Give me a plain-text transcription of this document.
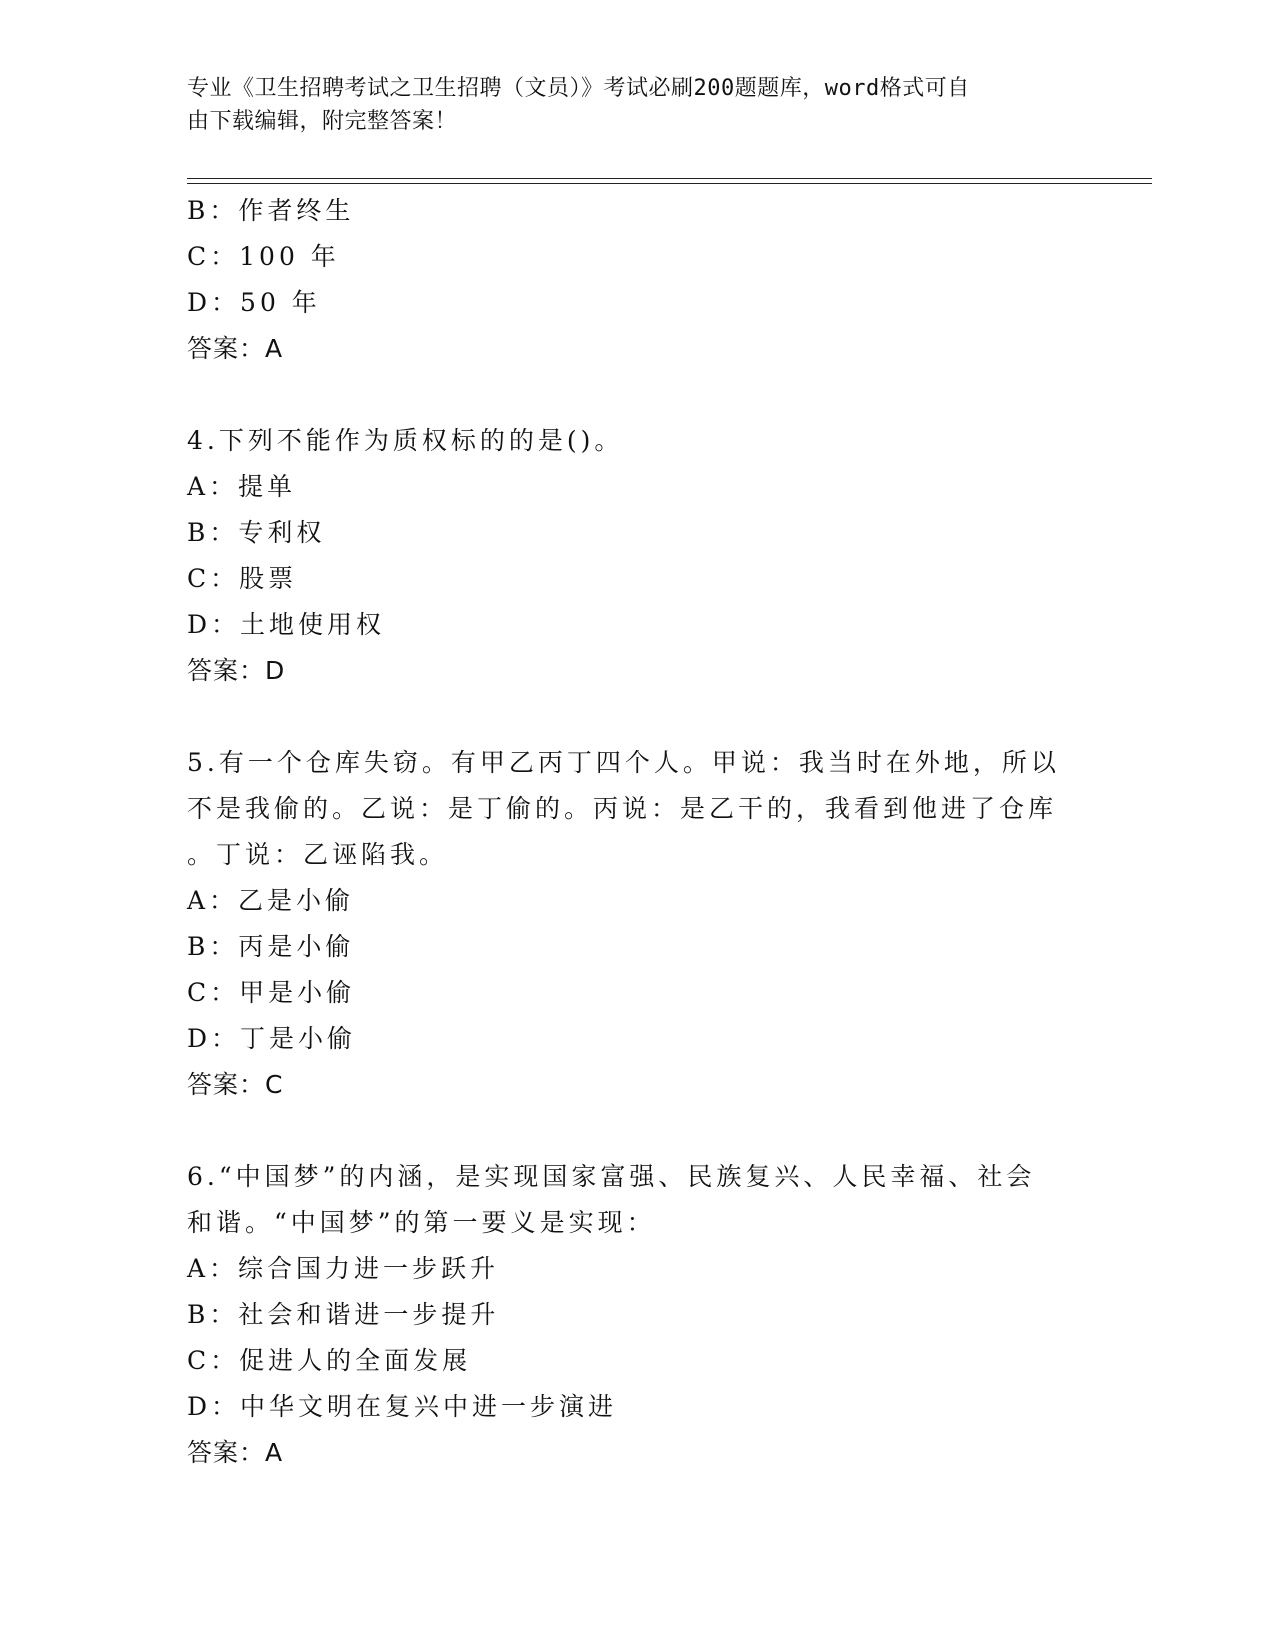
专业《卫生招聘考试之卫生招聘（文员）》考试必刷200题题库，word格式可自
由下载编辑，附完整答案！
B：作者终生
C：100 年
D：50 年
答案：A
4.下列不能作为质权标的的是()。
A：提单
B：专利权
C：股票
D：土地使用权
答案：D
5.有一个仓库失窃。有甲乙丙丁四个人。甲说：我当时在外地，所以
不是我偷的。乙说：是丁偷的。丙说：是乙干的，我看到他进了仓库
。丁说：乙诬陷我。
A：乙是小偷
B：丙是小偷
C：甲是小偷
D：丁是小偷
答案：C
6.“中国梦”的内涵，是实现国家富强、民族复兴、人民幸福、社会
和谐。“中国梦”的第一要义是实现：
A：综合国力进一步跃升
B：社会和谐进一步提升
C：促进人的全面发展
D：中华文明在复兴中进一步演进
答案：A
